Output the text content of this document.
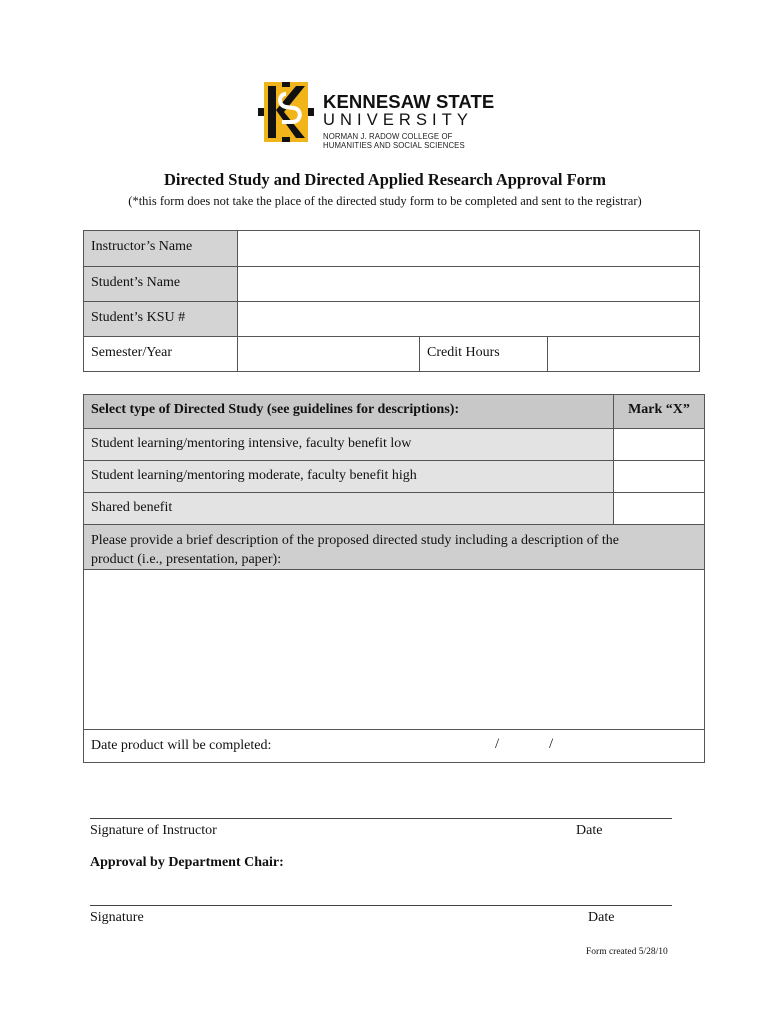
KENNESAW STATE
UNIVERSITY
NORMAN J. RADOW COLLEGE OF
HUMANITIES AND SOCIAL SCIENCES
Directed Study and Directed Applied Research Approval Form
(*this form does not take the place of the directed study form to be completed and sent to the registrar)
Instructor’s Name
Student’s Name
Student’s KSU #
Semester/Year	Credit Hours
Select type of Directed Study (see guidelines for descriptions):	Mark “X”
Student learning/mentoring intensive, faculty benefit low
Student learning/mentoring moderate, faculty benefit high
Shared benefit
Please provide a brief description of the proposed directed study including a description of the product (i.e., presentation, paper):
Date product will be completed:	/	/
Signature of Instructor	Date
Approval by Department Chair:
Signature	Date
Form created 5/28/10
